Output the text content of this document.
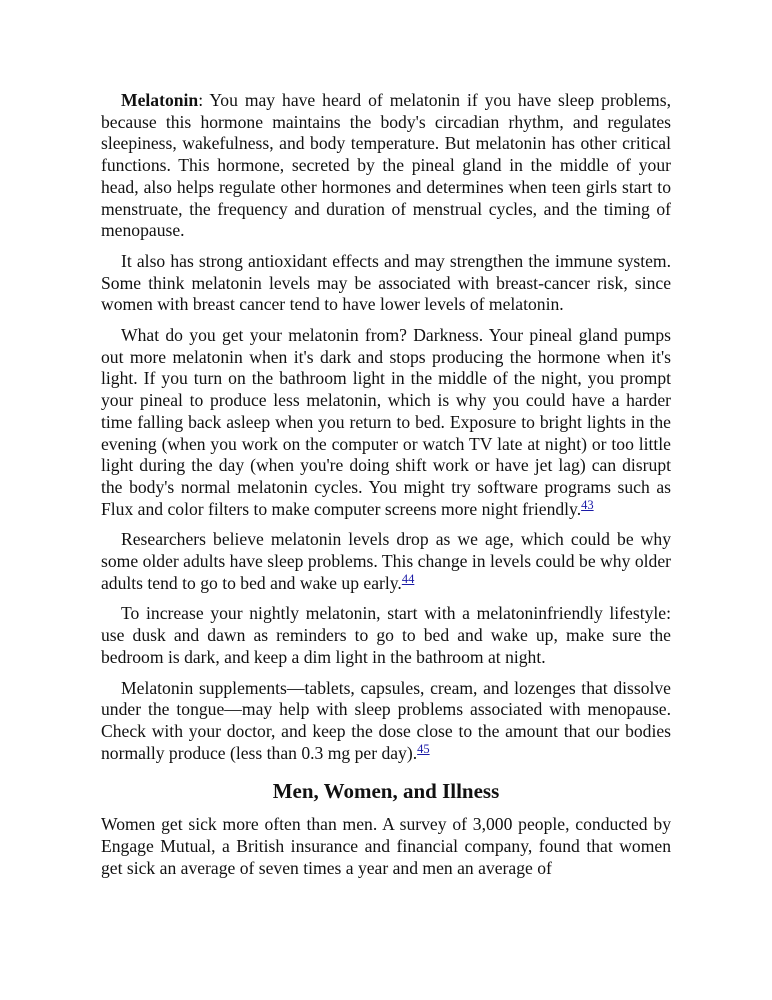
Melatonin: You may have heard of melatonin if you have sleep problems, because this hormone maintains the body's circadian rhythm, and regulates sleepiness, wakefulness, and body temperature. But melatonin has other critical functions. This hormone, secreted by the pineal gland in the middle of your head, also helps regulate other hormones and determines when teen girls start to menstruate, the frequency and duration of menstrual cycles, and the timing of menopause.

It also has strong antioxidant effects and may strengthen the immune system. Some think melatonin levels may be associated with breast-cancer risk, since women with breast cancer tend to have lower levels of melatonin.

What do you get your melatonin from? Darkness. Your pineal gland pumps out more melatonin when it's dark and stops producing the hormone when it's light. If you turn on the bathroom light in the middle of the night, you prompt your pineal to produce less melatonin, which is why you could have a harder time falling back asleep when you return to bed. Exposure to bright lights in the evening (when you work on the computer or watch TV late at night) or too little light during the day (when you're doing shift work or have jet lag) can disrupt the body's normal melatonin cycles. You might try software programs such as Flux and color filters to make computer screens more night friendly.$^{43}$

Researchers believe melatonin levels drop as we age, which could be why some older adults have sleep problems. This change in levels could be why older adults tend to go to bed and wake up early.$^{44}$

To increase your nightly melatonin, start with a melatoninfriendly lifestyle: use dusk and dawn as reminders to go to bed and wake up, make sure the bedroom is dark, and keep a dim light in the bathroom at night.

Melatonin supplements—tablets, capsules, cream, and lozenges that dissolve under the tongue—may help with sleep problems associated with menopause. Check with your doctor, and keep the dose close to the amount that our bodies normally produce (less than 0.3 mg per day).$^{45}$

Men, Women, and Illness

Women get sick more often than men. A survey of 3,000 people, conducted by Engage Mutual, a British insurance and financial company, found that women get sick an average of seven times a year and men an average of
